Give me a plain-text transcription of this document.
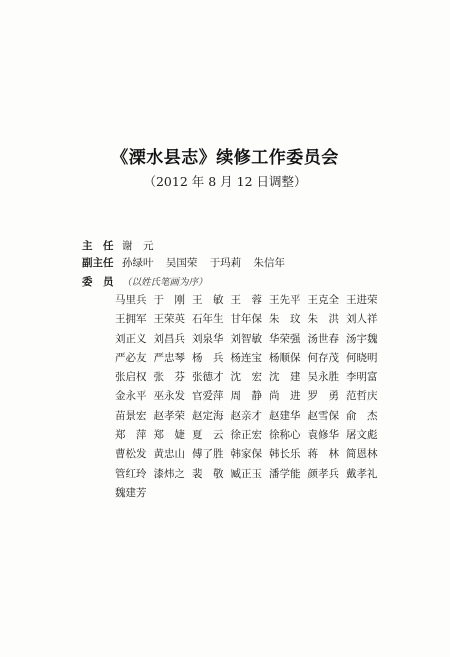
《溧水县志》续修工作委员会
（2012 年 8 月 12 日调整）
主　任 谢　元
副主任 孙绿叶 吴国荣 于玛莉 朱信年
委　员 （以姓氏笔画为序）
马里兵 于　刚 王　敏 王　蓉 王先平 王克全 王进荣
王拥军 王荣英 石年生 甘年保 朱　玟 朱　洪 刘人祥
刘正义 刘昌兵 刘泉华 刘智敏 华荣强 汤世春 汤宇魏
严必友 严忠琴 杨　兵 杨连宝 杨顺保 何存茂 何晓明
张启权 张　芬 张德才 沈　宏 沈　建 吴永胜 李明富
金永平 巫永发 官爱萍 周　静 尚　进 罗　勇 范哲庆
苗景宏 赵孝荣 赵定海 赵亲才 赵建华 赵雪保 俞　杰
郑　萍 郑　婕 夏　云 徐正宏 徐称心 袁修华 屠文彪
曹松发 黄忠山 傅了胜 韩家保 韩长乐 蒋　林 简恩林
管红玲 漆炜之 裴　敬 臧正玉 潘学能 颜孝兵 戴孝礼
魏建芳
